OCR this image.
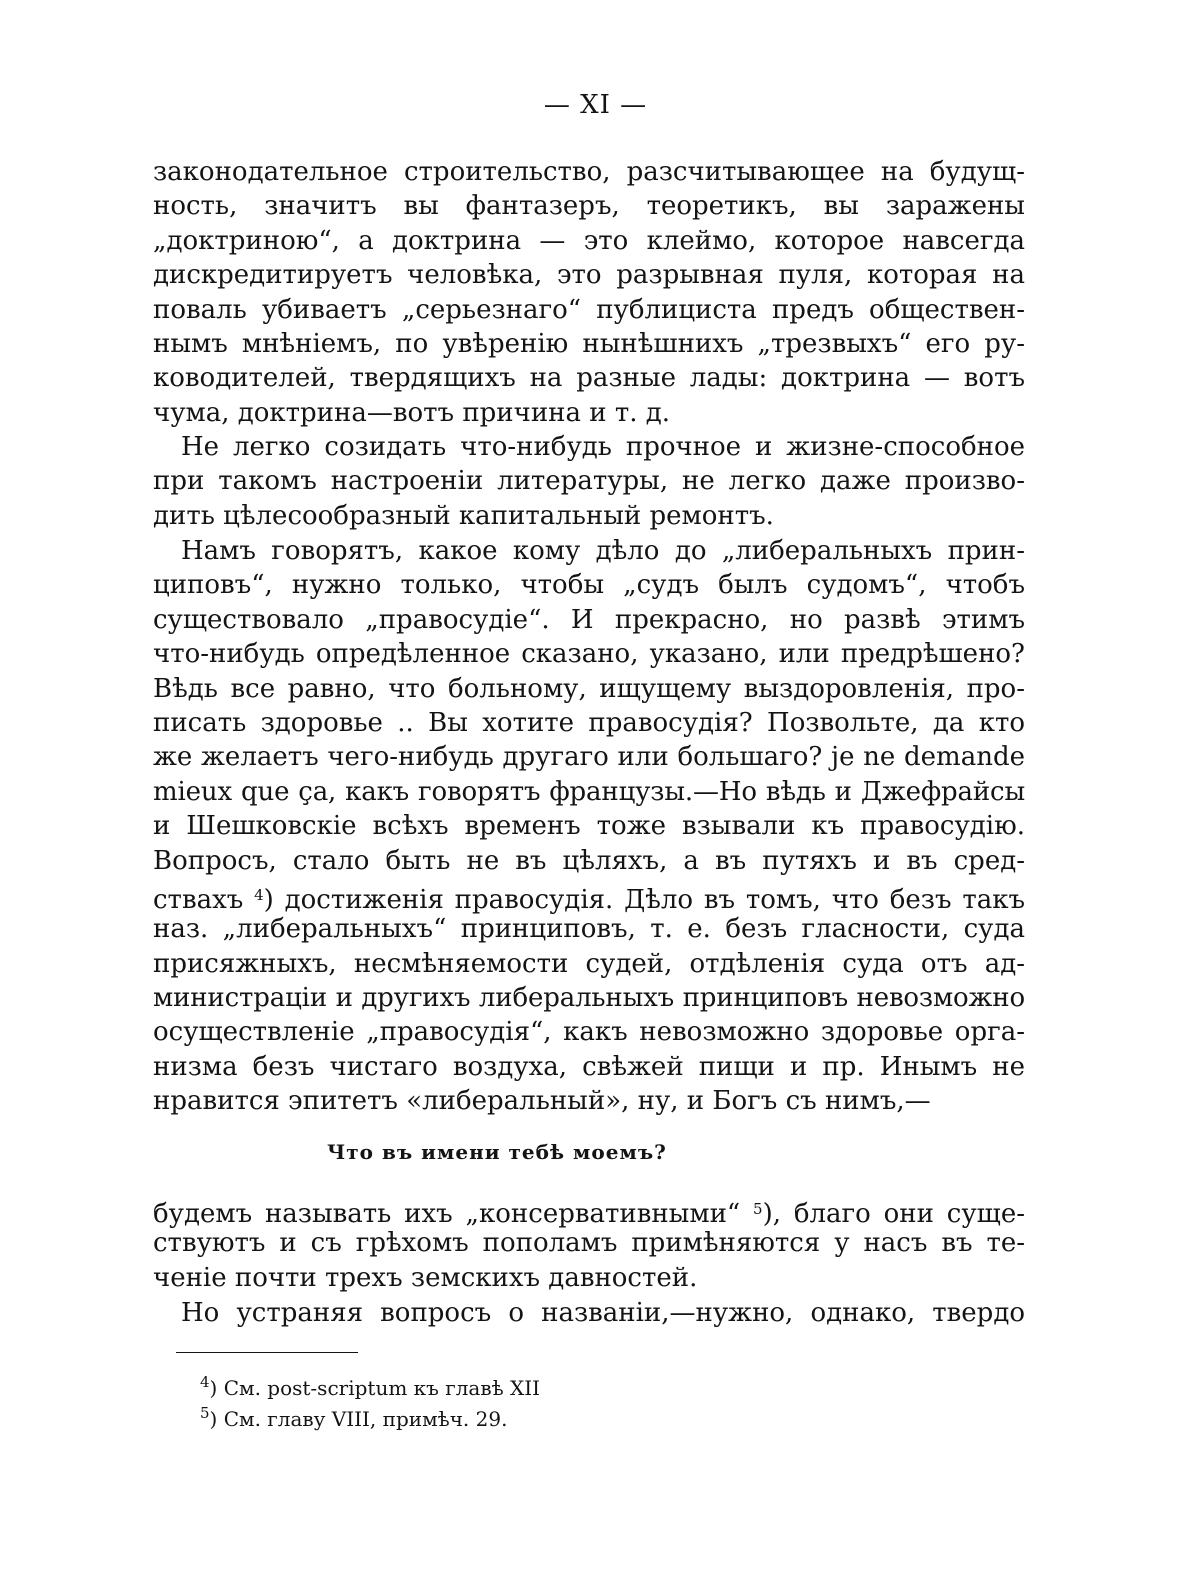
— XI —
законодательное строительство, разсчитывающее на будущ-
ность, значитъ вы фантазеръ, теоретикъ, вы заражены
„доктриною“, а доктрина — это клеймо, которое навсегда
дискредитируетъ человѣка, это разрывная пуля, которая на
поваль убиваетъ „серьезнаго“ публициста предъ обществен-
нымъ мнѣніемъ, по увѣренію нынѣшнихъ „трезвыхъ“ его ру-
ководителей, твердящихъ на разные лады: доктрина — вотъ
чума, доктрина—вотъ причина и т. д.
Не легко созидать что-нибудь прочное и жизне-способное
при такомъ настроеніи литературы, не легко даже произво-
дить цѣлесообразный капитальный ремонтъ.
Намъ говорятъ, какое кому дѣло до „либеральныхъ прин-
циповъ“, нужно только, чтобы „судъ былъ судомъ“, чтобъ
существовало „правосудіе“. И прекрасно, но развѣ этимъ
что-нибудь опредѣленное сказано, указано, или предрѣшено?
Вѣдь все равно, что больному, ищущему выздоровленія, про-
писать здоровье .. Вы хотите правосудія? Позвольте, да кто
же желаетъ чего-нибудь другаго или большаго? je ne demande
mieux que ça, какъ говорятъ французы.—Но вѣдь и Джефрайсы
и Шешковскіе всѣхъ временъ тоже взывали къ правосудію.
Вопросъ, стало быть не въ цѣляхъ, а въ путяхъ и въ сред-
ствахъ $^4$) достиженія правосудія. Дѣло въ томъ, что безъ такъ
наз. „либеральныхъ“ принциповъ, т. е. безъ гласности, суда
присяжныхъ, несмѣняемости судей, отдѣленія суда отъ ад-
министраціи и другихъ либеральныхъ принциповъ невозможно
осуществленіе „правосудія“, какъ невозможно здоровье орга-
низма безъ чистаго воздуха, свѣжей пищи и пр. Инымъ не
нравится эпитетъ «либеральный», ну, и Богъ съ нимъ,—
Что въ имени тебѣ моемъ?
будемъ называть ихъ „консервативными“ $^5$), благо они суще-
ствуютъ и съ грѣхомъ пополамъ примѣняются у насъ въ те-
ченіе почти трехъ земскихъ давностей.
Но устраняя вопросъ о названіи,—нужно, однако, твердо
$^4$) См. post-scriptum къ главѣ XII
$^5$) См. главу VIII, примѣч. 29.
